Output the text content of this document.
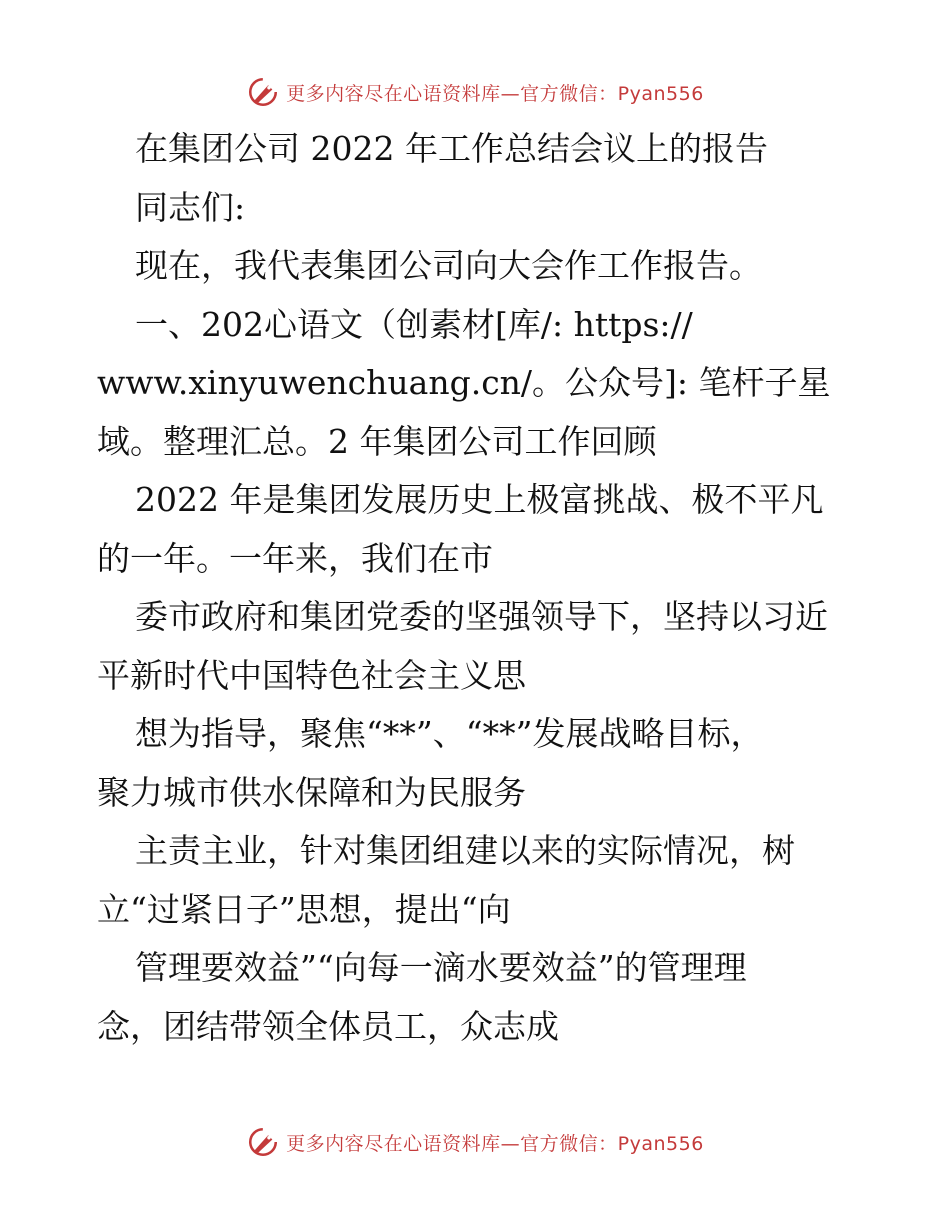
更多内容尽在心语资料库—官方微信：Pyan556
在集团公司 2022 年工作总结会议上的报告
同志们:
现在，我代表集团公司向大会作工作报告。
一、202心语文（创素材[库/: https://
www.xinyuwenchuang.cn/。公众号]: 笔杆子星
域。整理汇总。2 年集团公司工作回顾
2022 年是集团发展历史上极富挑战、极不平凡
的一年。一年来，我们在市
委市政府和集团党委的坚强领导下，坚持以习近
平新时代中国特色社会主义思
想为指导，聚焦“**”、“**”发展战略目标，
聚力城市供水保障和为民服务
主责主业，针对集团组建以来的实际情况，树
立“过紧日子”思想，提出“向
管理要效益”“向每一滴水要效益”的管理理
念，团结带领全体员工，众志成
更多内容尽在心语资料库—官方微信：Pyan556
